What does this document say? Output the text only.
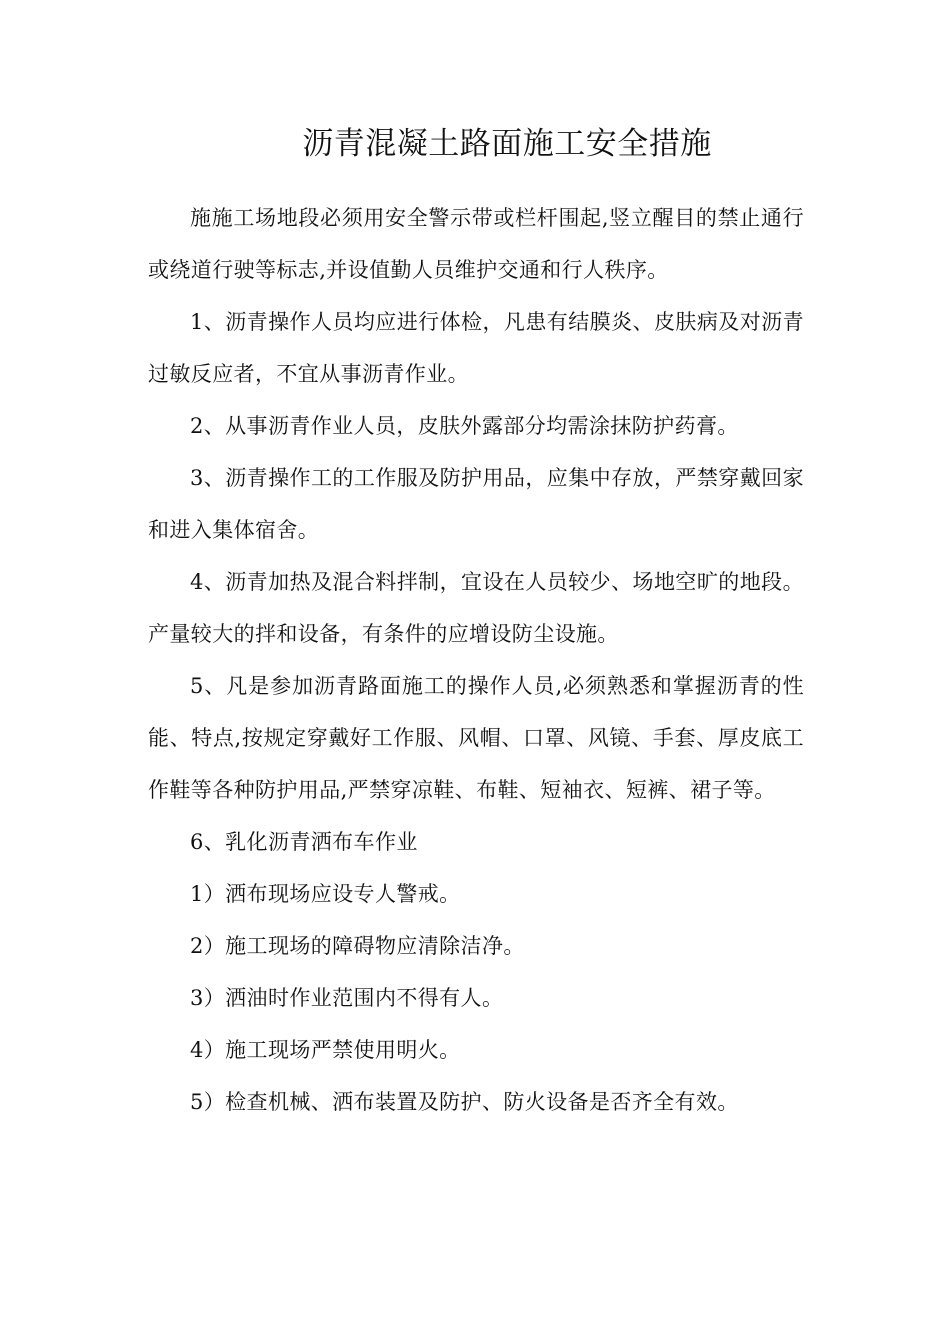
沥青混凝土路面施工安全措施

施施工场地段必须用安全警示带或栏杆围起,竖立醒目的禁止通行或绕道行驶等标志,并设值勤人员维护交通和行人秩序。

1、沥青操作人员均应进行体检，凡患有结膜炎、皮肤病及对沥青过敏反应者，不宜从事沥青作业。

2、从事沥青作业人员，皮肤外露部分均需涂抹防护药膏。

3、沥青操作工的工作服及防护用品，应集中存放，严禁穿戴回家和进入集体宿舍。

4、沥青加热及混合料拌制，宜设在人员较少、场地空旷的地段。产量较大的拌和设备，有条件的应增设防尘设施。

5、凡是参加沥青路面施工的操作人员,必须熟悉和掌握沥青的性能、特点,按规定穿戴好工作服、风帽、口罩、风镜、手套、厚皮底工作鞋等各种防护用品,严禁穿凉鞋、布鞋、短袖衣、短裤、裙子等。

6、乳化沥青洒布车作业

1）洒布现场应设专人警戒。

2）施工现场的障碍物应清除洁净。

3）洒油时作业范围内不得有人。

4）施工现场严禁使用明火。

5）检查机械、洒布装置及防护、防火设备是否齐全有效。
